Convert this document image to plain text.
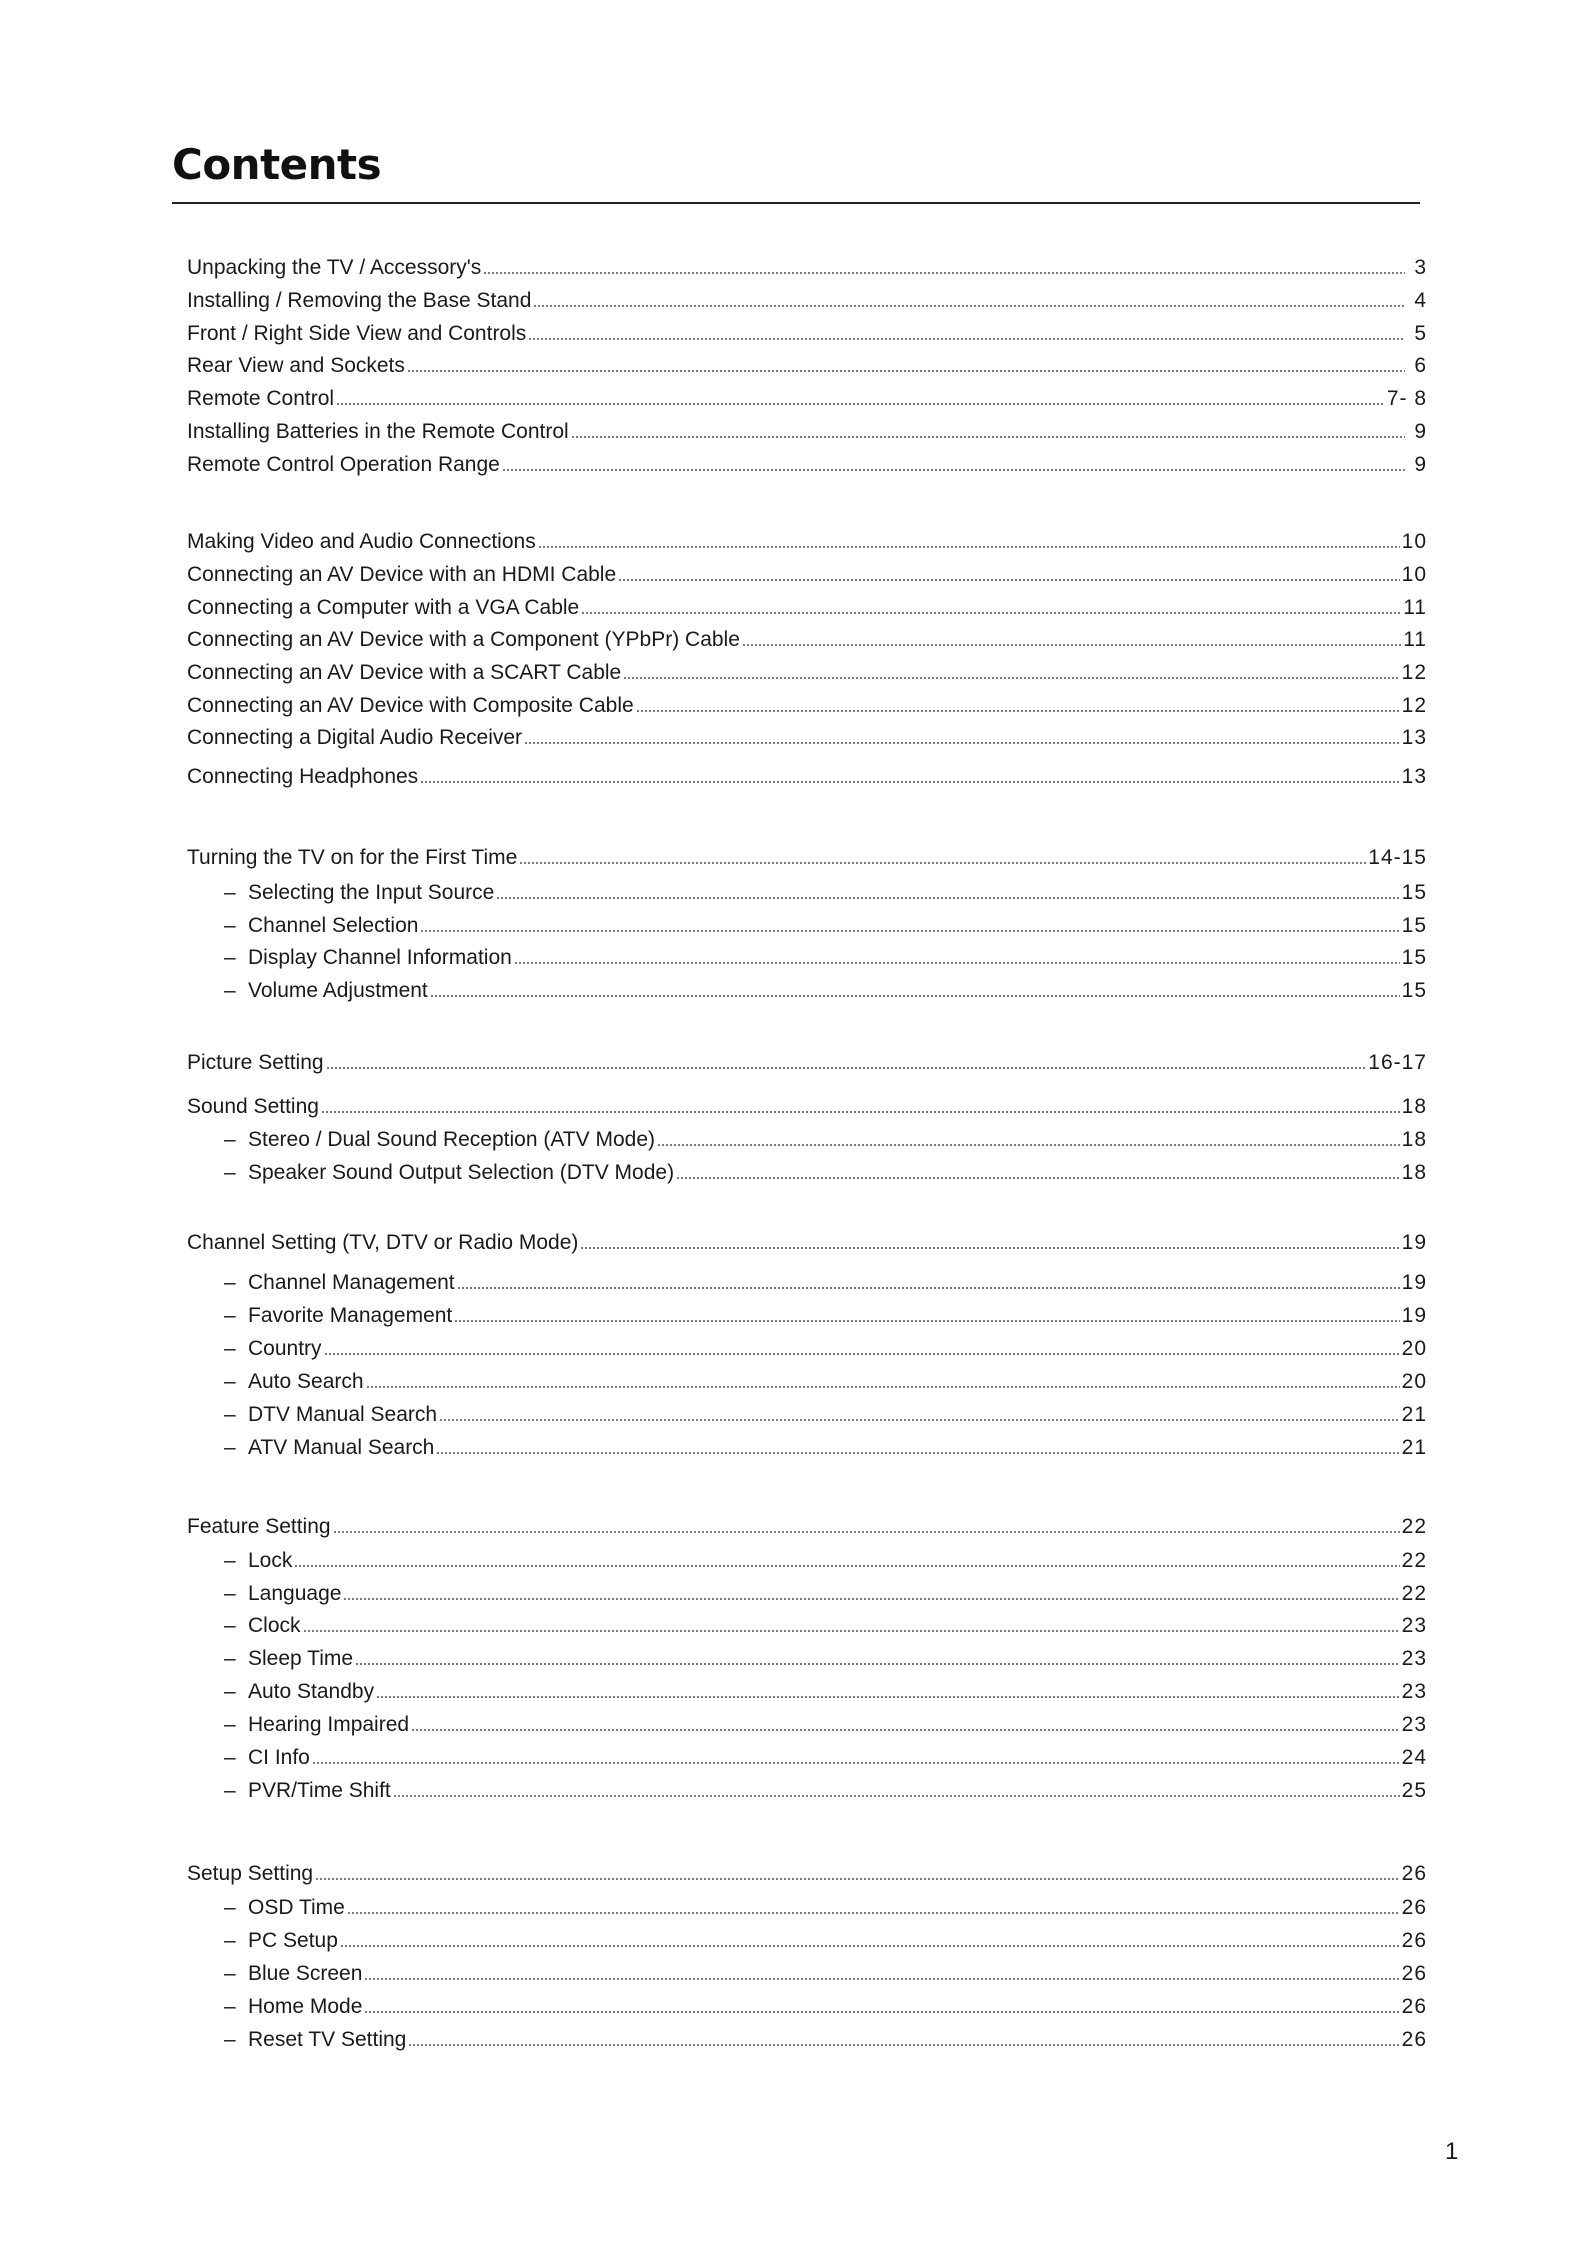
Contents
Unpacking the TV / Accessory's	3
Installing / Removing the Base Stand	4
Front / Right Side View and Controls	5
Rear View and Sockets	6
Remote Control	7- 8
Installing Batteries in the Remote Control	9
Remote Control Operation Range	9
Making Video and Audio Connections	10
Connecting an AV Device with an HDMI Cable	10
Connecting a Computer with a VGA Cable	11
Connecting an AV Device with a Component (YPbPr) Cable	11
Connecting an AV Device with a SCART Cable	12
Connecting an AV Device with Composite Cable	12
Connecting a Digital Audio Receiver	13
Connecting Headphones	13
Turning the TV on for the First Time	14-15
– Selecting the Input Source	15
– Channel Selection	15
– Display Channel Information	15
– Volume Adjustment	15
Picture Setting	16-17
Sound Setting	18
– Stereo / Dual Sound Reception (ATV Mode)	18
– Speaker Sound Output Selection (DTV Mode)	18
Channel Setting (TV, DTV or Radio Mode)	19
– Channel Management	19
– Favorite Management	19
– Country	20
– Auto Search	20
– DTV Manual Search	21
– ATV Manual Search	21
Feature Setting	22
– Lock	22
– Language	22
– Clock	23
– Sleep Time	23
– Auto Standby	23
– Hearing Impaired	23
– CI Info	24
– PVR/Time Shift	25
Setup Setting	26
– OSD Time	26
– PC Setup	26
– Blue Screen	26
– Home Mode	26
– Reset TV Setting	26
1
